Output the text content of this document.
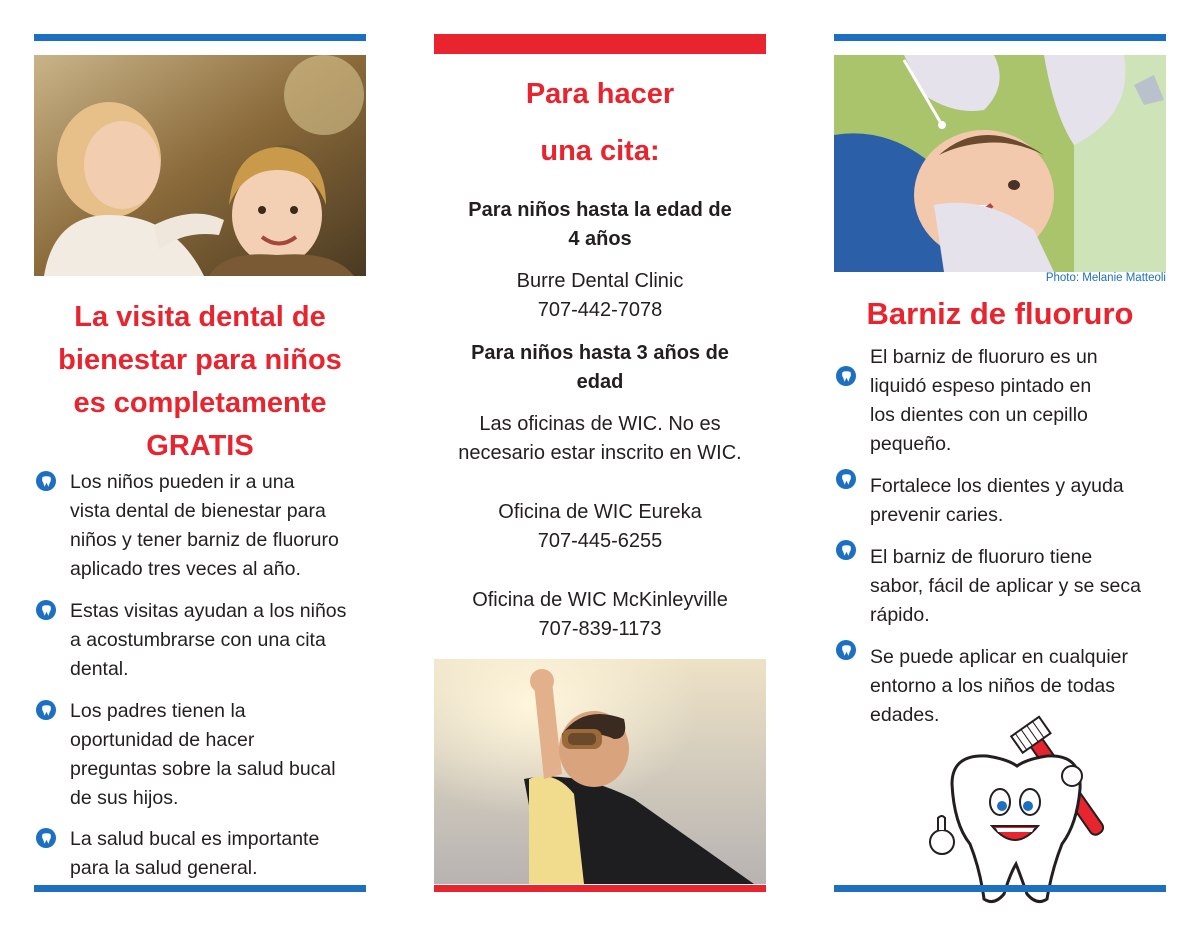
La visita dental de
bienestar para niños
es completamente
GRATIS
Los niños pueden ir a una
vista dental de bienestar para
niños y tener barniz de fluoruro
aplicado tres veces al año.
Estas visitas ayudan a los niños
a acostumbrarse con una cita
dental.
Los padres tienen la
oportunidad de hacer
preguntas sobre la salud bucal
de sus hijos.
La salud bucal es importante
para la salud general.
Para hacer
una cita:
Para niños hasta la edad de
4 años
Burre Dental Clinic
707-442-7078
Para niños hasta 3 años de
edad
Las oficinas de WIC. No es
necesario estar inscrito en WIC.
Oficina de WIC Eureka
707-445-6255
Oficina de WIC McKinleyville
707-839-1173
Photo: Melanie Matteoli
Barniz de fluoruro
El barniz de fluoruro es un
liquidó espeso pintado en
los dientes con un cepillo
pequeño.
Fortalece los dientes y ayuda
prevenir caries.
El barniz de fluoruro tiene
sabor, fácil de aplicar y se seca
rápido.
Se puede aplicar en cualquier
entorno a los niños de todas
edades.
